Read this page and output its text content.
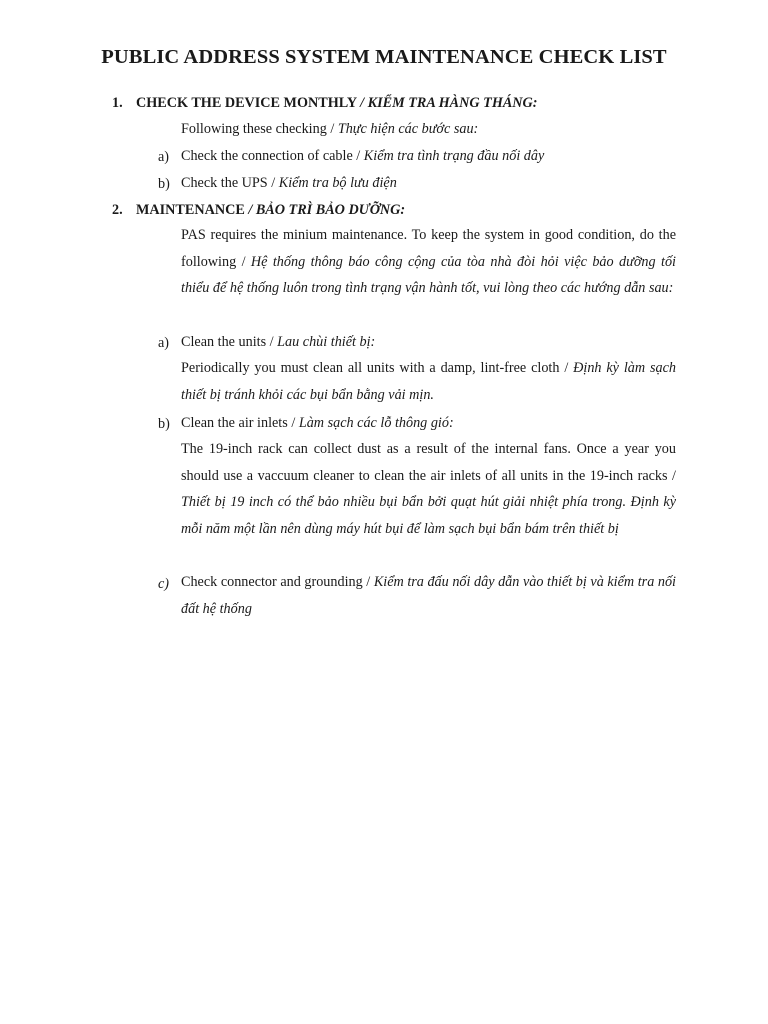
PUBLIC ADDRESS SYSTEM MAINTENANCE CHECK LIST
1. CHECK THE DEVICE MONTHLY / KIỂM TRA HÀNG THÁNG:
Following these checking / Thực hiện các bước sau:
a) Check the connection of cable / Kiểm tra tình trạng đầu nối dây
b) Check the UPS / Kiểm tra bộ lưu điện
2. MAINTENANCE / BẢO TRÌ BẢO DƯỠNG:
PAS requires the minium maintenance. To keep the system in good condition, do the following / Hệ thống thông báo công cộng của tòa nhà đòi hỏi việc bảo dưỡng tối thiểu để hệ thống luôn trong tình trạng vận hành tốt, vui lòng theo các hướng dẫn sau:
a) Clean the units / Lau chùi thiết bị:
Periodically you must clean all units with a damp, lint-free cloth / Định kỳ làm sạch thiết bị tránh khỏi các bụi bẩn bằng vải mịn.
b) Clean the air inlets / Làm sạch các lỗ thông gió:
The 19-inch rack can collect dust as a result of the internal fans. Once a year you should use a vaccuum cleaner to clean the air inlets of all units in the 19-inch racks / Thiết bị 19 inch có thể bảo nhiều bụi bẩn bởi quạt hút giải nhiệt phía trong. Định kỳ mỗi năm một lần nên dùng máy hút bụi để làm sạch bụi bẩn bám trên thiết bị
c) Check connector and grounding / Kiểm tra đấu nối dây dẫn vào thiết bị và kiểm tra nối đất hệ thống
